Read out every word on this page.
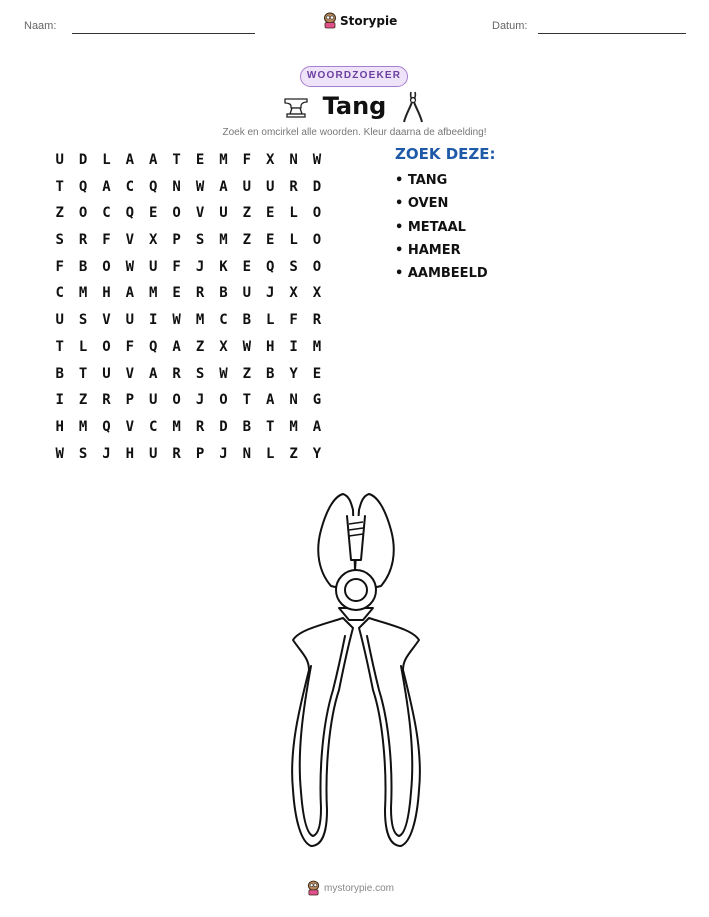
Naam:	Storypie	Datum:
WOORDZOEKER
Tang
Zoek en omcirkel alle woorden. Kleur daarna de afbeelding!
U	D	L	A	A	T	E	M	F	X	N	W
T	Q	A	C	Q	N	W	A	U	U	R	D
Z	O	C	Q	E	O	V	U	Z	E	L	O
S	R	F	V	X	P	S	M	Z	E	L	O
F	B	O	W	U	F	J	K	E	Q	S	O
C	M	H	A	M	E	R	B	U	J	X	X
U	S	V	U	I	W	M	C	B	L	F	R
T	L	O	F	Q	A	Z	X	W	H	I	M
B	T	U	V	A	R	S	W	Z	B	Y	E
I	Z	R	P	U	O	J	O	T	A	N	G
H	M	Q	V	C	M	R	D	B	T	M	A
W	S	J	H	U	R	P	J	N	L	Z	Y
ZOEK DEZE:
• TANG
• OVEN
• METAAL
• HAMER
• AAMBEELD
mystorypie.com
